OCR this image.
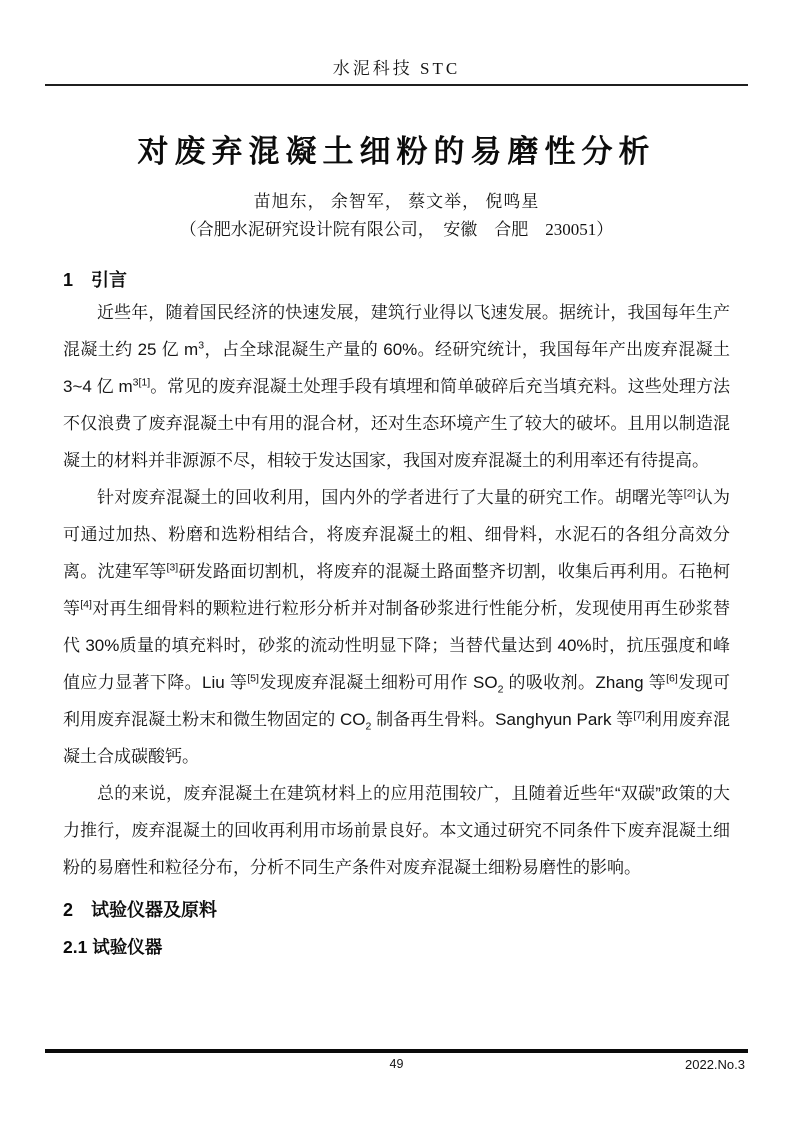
水泥科技 STC
对废弃混凝土细粉的易磨性分析
苗旭东， 余智军， 蔡文举， 倪鸣星
（合肥水泥研究设计院有限公司，　安徽　合肥　230051）
1　引言

近些年，随着国民经济的快速发展，建筑行业得以飞速发展。据统计，我国每年生产混凝土约 25 亿 $m^3$，占全球混凝生产量的 60%。经研究统计，我国每年产出废弃混凝土 3~4 亿 $m^{3[1]}$。常见的废弃混凝土处理手段有填埋和简单破碎后充当填充料。这些处理方法不仅浪费了废弃混凝土中有用的混合材，还对生态环境产生了较大的破坏。且用以制造混凝土的材料并非源源不尽，相较于发达国家，我国对废弃混凝土的利用率还有待提高。

针对废弃混凝土的回收利用，国内外的学者进行了大量的研究工作。胡曙光等[2]认为可通过加热、粉磨和选粉相结合，将废弃混凝土的粗、细骨料，水泥石的各组分高效分离。沈建军等[3]研发路面切割机，将废弃的混凝土路面整齐切割，收集后再利用。石艳柯等[4]对再生细骨料的颗粒进行粒形分析并对制备砂浆进行性能分析，发现使用再生砂浆替代 30%质量的填充料时，砂浆的流动性明显下降；当替代量达到 40%时，抗压强度和峰值应力显著下降。Liu 等[5]发现废弃混凝土细粉可用作 $SO_2$ 的吸收剂。Zhang 等[6]发现可利用废弃混凝土粉末和微生物固定的 $CO_2$ 制备再生骨料。Sanghyun Park 等[7]利用废弃混凝土合成碳酸钙。

总的来说，废弃混凝土在建筑材料上的应用范围较广，且随着近些年“双碳”政策的大力推行，废弃混凝土的回收再利用市场前景良好。本文通过研究不同条件下废弃混凝土细粉的易磨性和粒径分布，分析不同生产条件对废弃混凝土细粉易磨性的影响。

2　试验仪器及原料
2.1 试验仪器
49	2022.No.3
